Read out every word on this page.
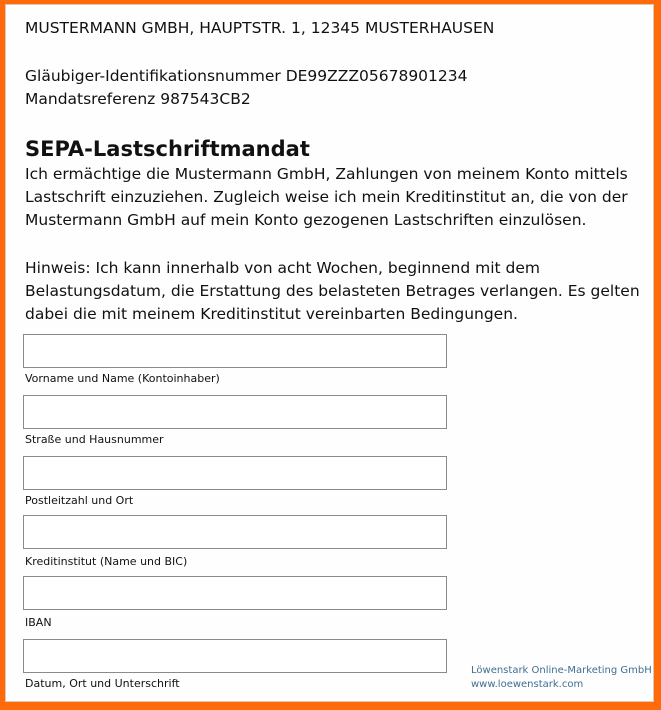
MUSTERMANN GMBH, HAUPTSTR. 1, 12345 MUSTERHAUSEN
Gläubiger-Identifikationsnummer DE99ZZZ05678901234
Mandatsreferenz 987543CB2
SEPA-Lastschriftmandat
Ich ermächtige die Mustermann GmbH, Zahlungen von meinem Konto mittels
Lastschrift einzuziehen. Zugleich weise ich mein Kreditinstitut an, die von der
Mustermann GmbH auf mein Konto gezogenen Lastschriften einzulösen.
Hinweis: Ich kann innerhalb von acht Wochen, beginnend mit dem
Belastungsdatum, die Erstattung des belasteten Betrages verlangen. Es gelten
dabei die mit meinem Kreditinstitut vereinbarten Bedingungen.
Vorname und Name (Kontoinhaber)
Straße und Hausnummer
Postleitzahl und Ort
Kreditinstitut (Name und BIC)
IBAN
Datum, Ort und Unterschrift
Löwenstark Online-Marketing GmbH
www.loewenstark.com
